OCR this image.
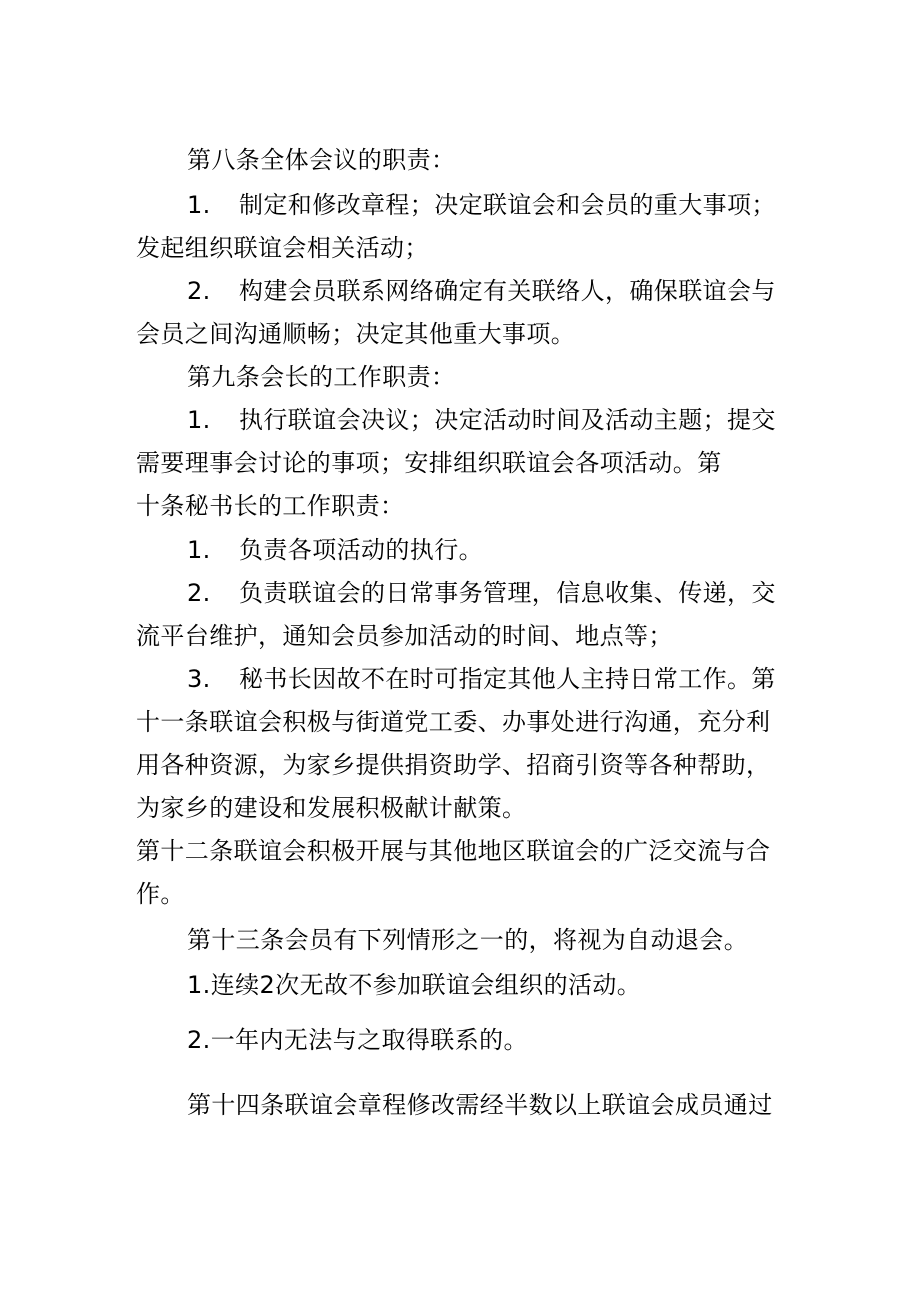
第八条全体会议的职责：
1. 制定和修改章程；决定联谊会和会员的重大事项；
发起组织联谊会相关活动；
2. 构建会员联系网络确定有关联络人，确保联谊会与
会员之间沟通顺畅；决定其他重大事项。
第九条会长的工作职责：
1. 执行联谊会决议；决定活动时间及活动主题；提交
需要理事会讨论的事项；安排组织联谊会各项活动。第
十条秘书长的工作职责：
1. 负责各项活动的执行。
2. 负责联谊会的日常事务管理，信息收集、传递，交
流平台维护，通知会员参加活动的时间、地点等；
3. 秘书长因故不在时可指定其他人主持日常工作。第
十一条联谊会积极与街道党工委、办事处进行沟通，充分利
用各种资源，为家乡提供捐资助学、招商引资等各种帮助，
为家乡的建设和发展积极献计献策。
第十二条联谊会积极开展与其他地区联谊会的广泛交流与合
作。
第十三条会员有下列情形之一的，将视为自动退会。
1.连续2次无故不参加联谊会组织的活动。
2.一年内无法与之取得联系的。
第十四条联谊会章程修改需经半数以上联谊会成员通过
